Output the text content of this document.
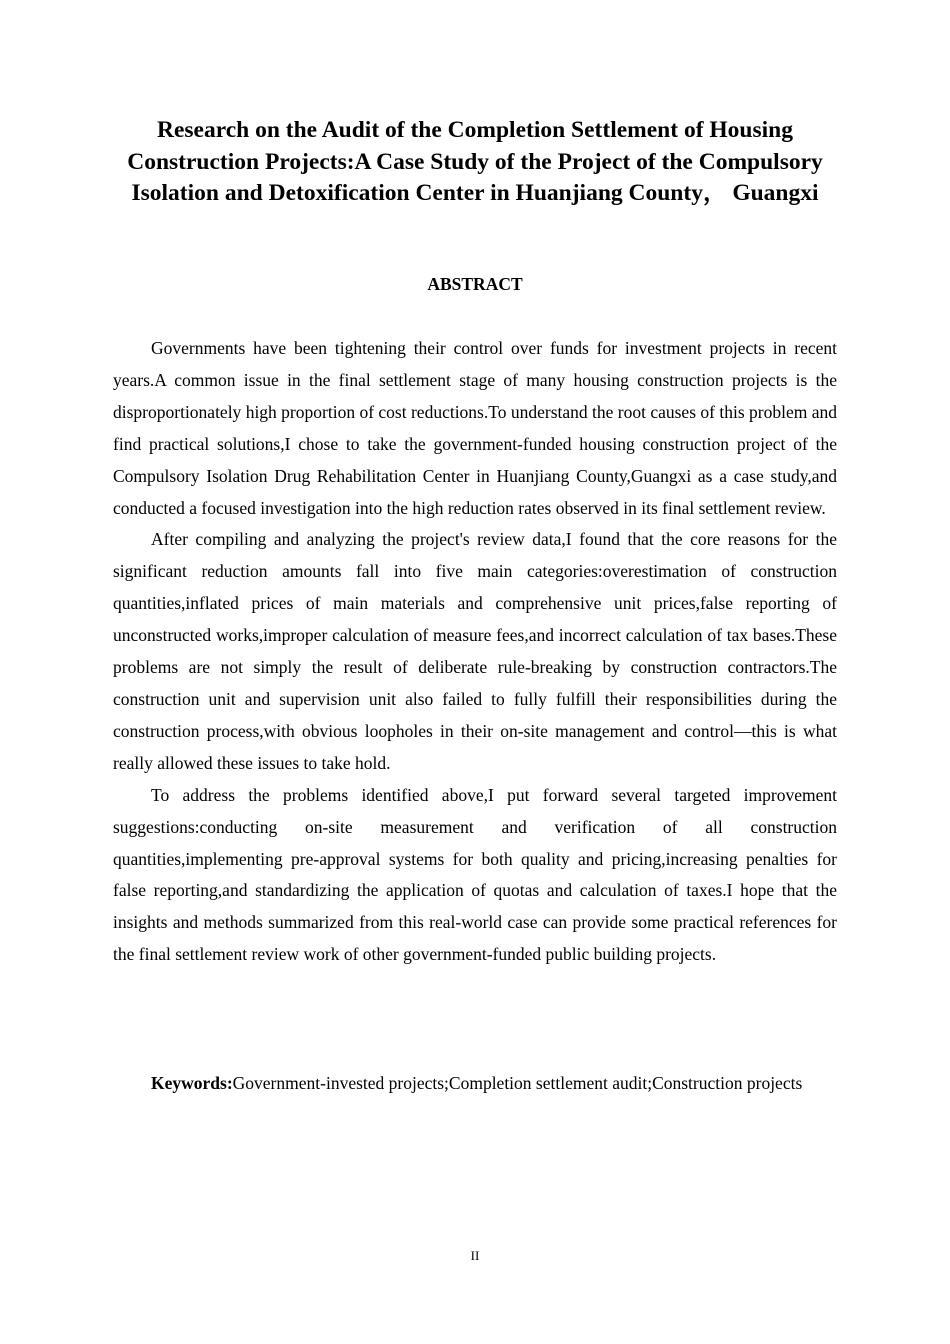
Research on the Audit of the Completion Settlement of Housing Construction Projects:A Case Study of the Project of the Compulsory Isolation and Detoxification Center in Huanjiang County， Guangxi
ABSTRACT

Governments have been tightening their control over funds for investment projects in recent years.A common issue in the final settlement stage of many housing construction projects is the disproportionately high proportion of cost reductions.To understand the root causes of this problem and find practical solutions,I chose to take the government-funded housing construction project of the Compulsory Isolation Drug Rehabilitation Center in Huanjiang County,Guangxi as a case study,and conducted a focused investigation into the high reduction rates observed in its final settlement review.

After compiling and analyzing the project's review data,I found that the core reasons for the significant reduction amounts fall into five main categories:overestimation of construction quantities,inflated prices of main materials and comprehensive unit prices,false reporting of unconstructed works,improper calculation of measure fees,and incorrect calculation of tax bases.These problems are not simply the result of deliberate rule-breaking by construction contractors.The construction unit and supervision unit also failed to fully fulfill their responsibilities during the construction process,with obvious loopholes in their on-site management and control—this is what really allowed these issues to take hold.

To address the problems identified above,I put forward several targeted improvement suggestions:conducting on-site measurement and verification of all construction quantities,implementing pre-approval systems for both quality and pricing,increasing penalties for false reporting,and standardizing the application of quotas and calculation of taxes.I hope that the insights and methods summarized from this real-world case can provide some practical references for the final settlement review work of other government-funded public building projects.

Keywords:Government-invested projects;Completion settlement audit;Construction projects

II
